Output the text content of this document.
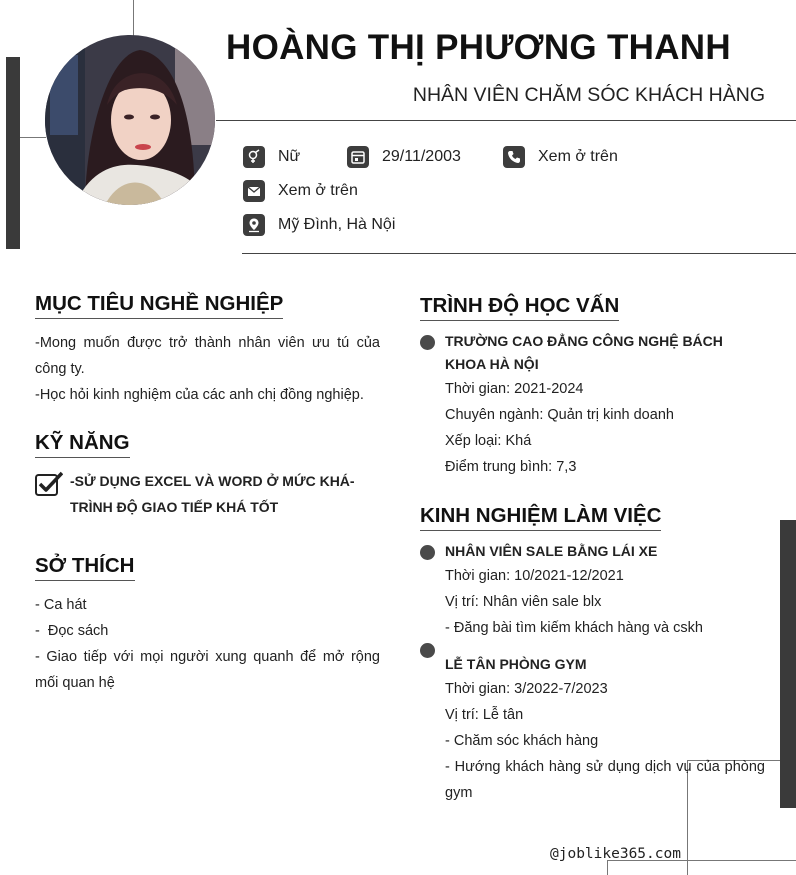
HOÀNG THỊ PHƯƠNG THANH
NHÂN VIÊN CHĂM SÓC KHÁCH HÀNG
Nữ	29/11/2003	Xem ở trên
Xem ở trên
Mỹ Đình, Hà Nội
MỤC TIÊU NGHỀ NGHIỆP
-Mong muốn được trở thành nhân viên ưu tú của công ty.
-Học hỏi kinh nghiệm của các anh chị đồng nghiệp.
KỸ NĂNG
-SỬ DỤNG EXCEL VÀ WORD Ở MỨC KHÁ-TRÌNH ĐỘ GIAO TIẾP KHÁ TỐT
SỞ THÍCH
- Ca hát
-  Đọc sách
- Giao tiếp với mọi người xung quanh để mở rộng mối quan hệ
TRÌNH ĐỘ HỌC VẤN
TRƯỜNG CAO ĐẲNG CÔNG NGHỆ BÁCH KHOA HÀ NỘI
Thời gian: 2021-2024
Chuyên ngành: Quản trị kinh doanh
Xếp loại: Khá
Điểm trung bình: 7,3
KINH NGHIỆM LÀM VIỆC
NHÂN VIÊN SALE BẰNG LÁI XE
Thời gian: 10/2021-12/2021
Vị trí: Nhân viên sale blx
- Đăng bài tìm kiếm khách hàng và cskh
LỄ TÂN PHÒNG GYM
Thời gian: 3/2022-7/2023
Vị trí: Lễ tân
- Chăm sóc khách hàng
- Hướng khách hàng sử dụng dịch vụ của phòng gym
@joblike365.com
